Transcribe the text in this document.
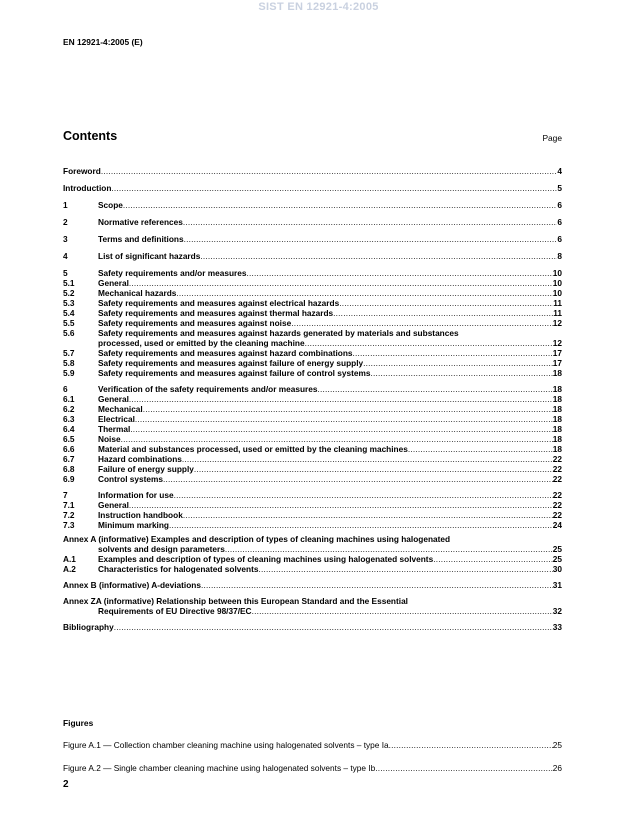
SIST EN 12921-4:2005
EN 12921-4:2005 (E)
Contents	Page
Foreword .....	4
Introduction .....	5
1	Scope .....	6
2	Normative references .....	6
3	Terms and definitions .....	6
4	List of significant hazards .....	8
5	Safety requirements and/or measures .....	10
5.1	General .....	10
5.2	Mechanical hazards .....	10
5.3	Safety requirements and measures against electrical hazards .....	11
5.4	Safety requirements and measures against thermal hazards .....	11
5.5	Safety requirements and measures against noise .....	12
5.6	Safety requirements and measures against hazards generated by materials and substances
processed, used or emitted by the cleaning machine .....	12
5.7	Safety requirements and measures against hazard combinations .....	17
5.8	Safety requirements and measures against failure of energy supply .....	17
5.9	Safety requirements and measures against failure of control systems .....	18
6	Verification of the safety requirements and/or measures .....	18
6.1	General .....	18
6.2	Mechanical .....	18
6.3	Electrical .....	18
6.4	Thermal .....	18
6.5	Noise .....	18
6.6	Material and substances processed, used or emitted by the cleaning machines .....	18
6.7	Hazard combinations .....	22
6.8	Failure of energy supply .....	22
6.9	Control systems .....	22
7	Information for use .....	22
7.1	General .....	22
7.2	Instruction handbook .....	22
7.3	Minimum marking .....	24
Annex A (informative) Examples and description of types of cleaning machines using halogenated
solvents and design parameters .....	25
A.1	Examples and description of types of cleaning machines using halogenated solvents .....	25
A.2	Characteristics for halogenated solvents .....	30
Annex B (informative) A-deviations .....	31
Annex ZA (informative) Relationship between this European Standard and the Essential
Requirements of EU Directive 98/37/EC .....	32
Bibliography .....	33
Figures
Figure A.1 — Collection chamber cleaning machine using halogenated solvents – type Ia .....	25
Figure A.2 — Single chamber cleaning machine using halogenated solvents – type Ib .....	26
2
